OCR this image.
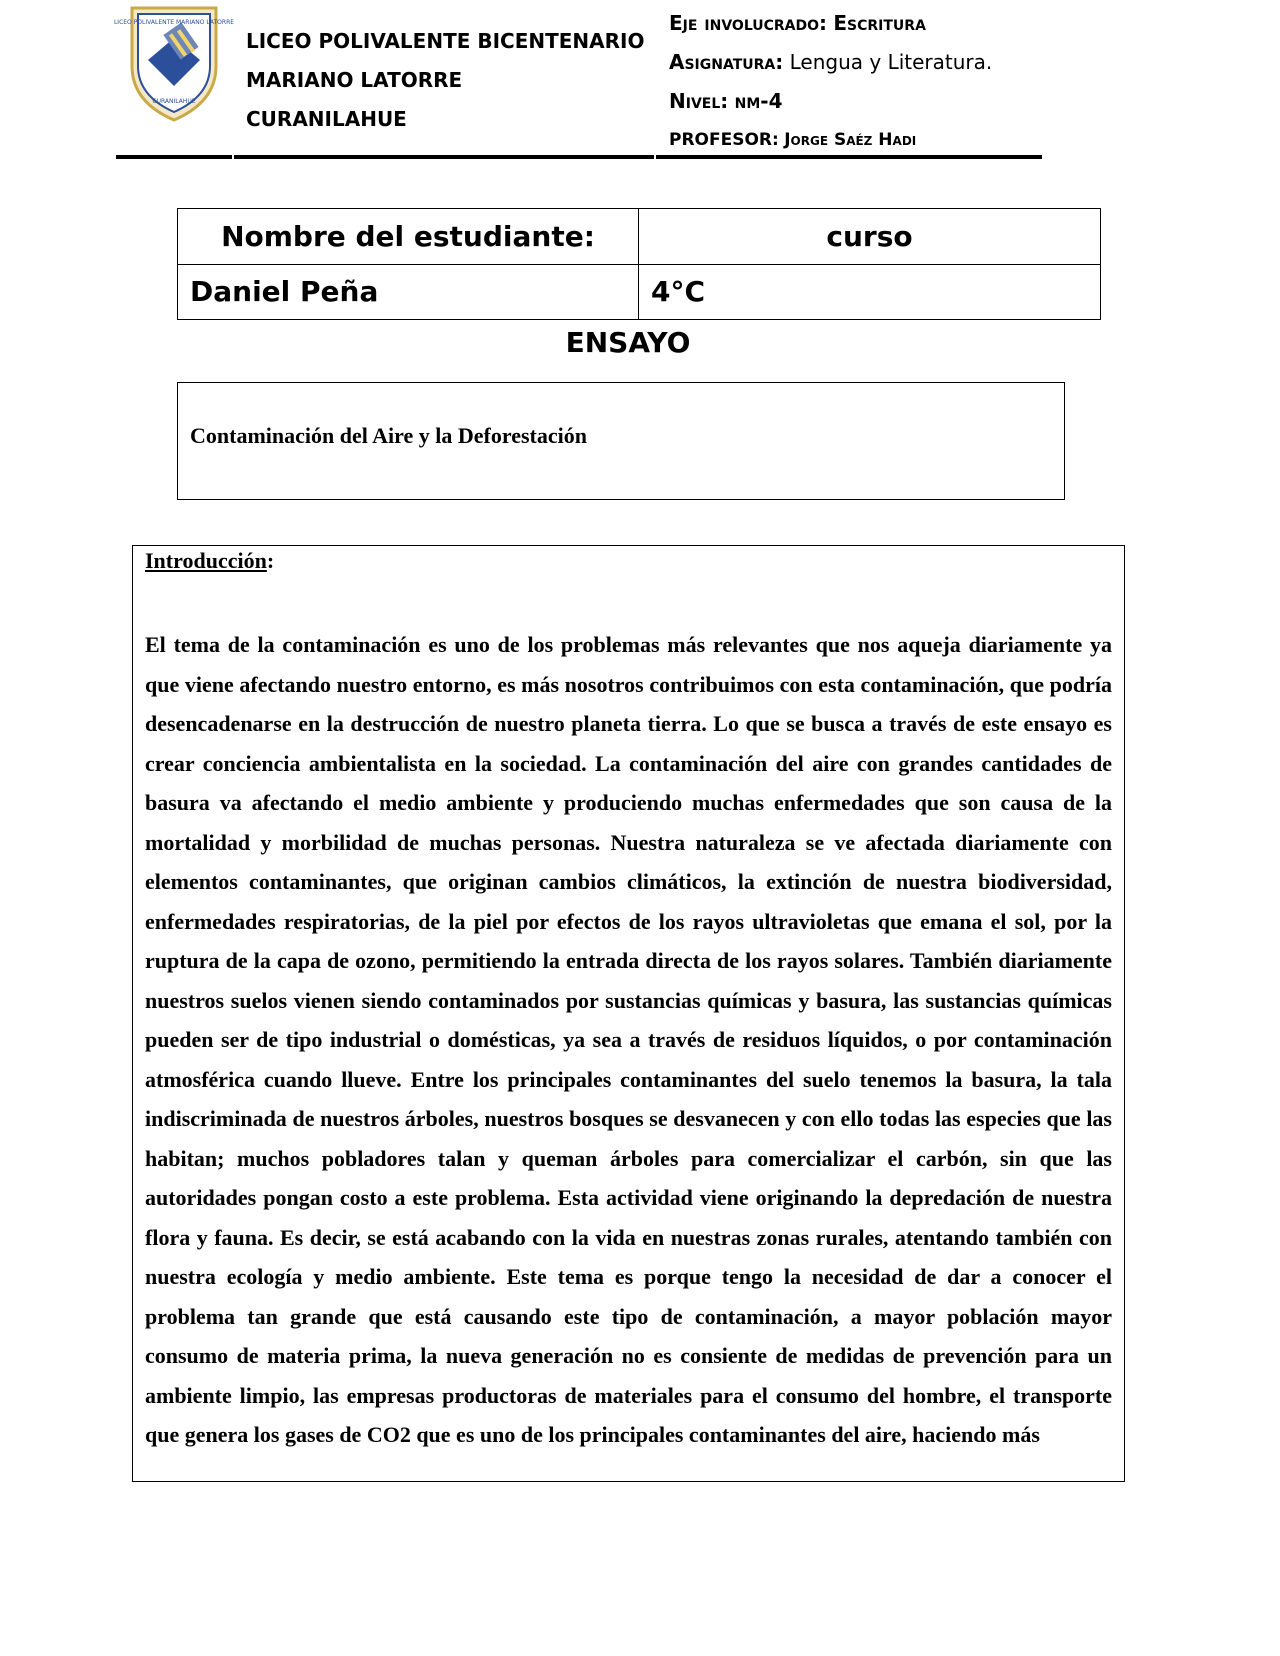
LICEO POLIVALENTE MARIANO LATORRE
CURANILAHUE
LICEO POLIVALENTE BICENTENARIO
MARIANO LATORRE
CURANILAHUE
Eje involucrado: Escritura
Asignatura: Lengua y Literatura.
Nivel: nm-4
PROFESOR: Jorge Saéz Hadi
Nombre del estudiante:	curso
Daniel Peña	4°C
ENSAYO
Contaminación del Aire y la Deforestación
Introducción:

El tema de la contaminación es uno de los problemas más relevantes que nos aqueja diariamente ya que viene afectando nuestro entorno, es más nosotros contribuimos con esta contaminación, que podría desencadenarse en la destrucción de nuestro planeta tierra. Lo que se busca a través de este ensayo es crear conciencia ambientalista en la sociedad. La contaminación del aire con grandes cantidades de basura va afectando el medio ambiente y produciendo muchas enfermedades que son causa de la mortalidad y morbilidad de muchas personas. Nuestra naturaleza se ve afectada diariamente con elementos contaminantes, que originan cambios climáticos, la extinción de nuestra biodiversidad, enfermedades respiratorias, de la piel por efectos de los rayos ultravioletas que emana el sol, por la ruptura de la capa de ozono, permitiendo la entrada directa de los rayos solares. También diariamente nuestros suelos vienen siendo contaminados por sustancias químicas y basura, las sustancias químicas pueden ser de tipo industrial o domésticas, ya sea a través de residuos líquidos, o por contaminación atmosférica cuando llueve. Entre los principales contaminantes del suelo tenemos la basura, la tala indiscriminada de nuestros árboles, nuestros bosques se desvanecen y con ello todas las especies que las habitan; muchos pobladores talan y queman árboles para comercializar el carbón, sin que las autoridades pongan costo a este problema. Esta actividad viene originando la depredación de nuestra flora y fauna. Es decir, se está acabando con la vida en nuestras zonas rurales, atentando también con nuestra ecología y medio ambiente. Este tema es porque tengo la necesidad de dar a conocer el problema tan grande que está causando este tipo de contaminación, a mayor población mayor consumo de materia prima, la nueva generación no es consiente de medidas de prevención para un ambiente limpio, las empresas productoras de materiales para el consumo del hombre, el transporte que genera los gases de CO2 que es uno de los principales contaminantes del aire, haciendo más
